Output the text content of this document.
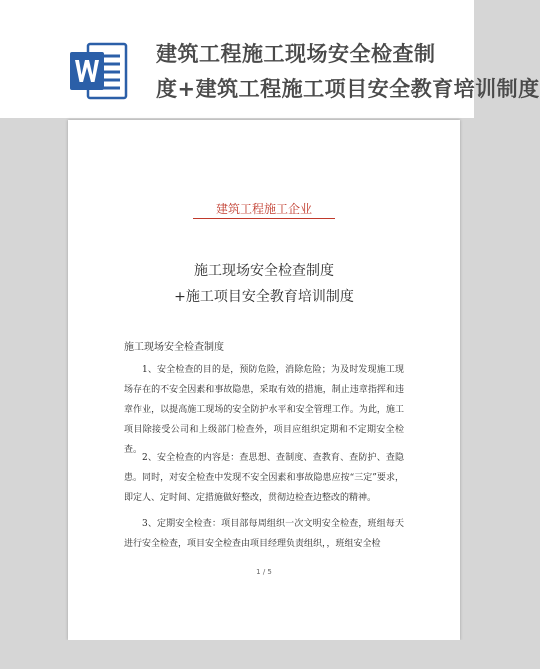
建筑工程施工现场安全检查制
度+建筑工程施工项目安全教育培训制度
建筑工程施工企业
施工现场安全检查制度
+施工项目安全教育培训制度
施工现场安全检查制度

1、安全检查的目的是，预防危险，消除危险；为及时发现施工现场存在的不安全因素和事故隐患，采取有效的措施，制止违章指挥和违章作业，以提高施工现场的安全防护水平和安全管理工作。为此，施工项目除接受公司和上级部门检查外，项目应组织定期和不定期安全检查。

2、安全检查的内容是：查思想、查制度、查教育、查防护、查隐患。同时，对安全检查中发现不安全因素和事故隐患应按“三定”要求，即定人、定时间、定措施做好整改，贯彻边检查边整改的精神。

3、定期安全检查：项目部每周组织一次文明安全检查，班组每天进行安全检查，项目安全检查由项目经理负责组织，，班组安全检

1 / 5
